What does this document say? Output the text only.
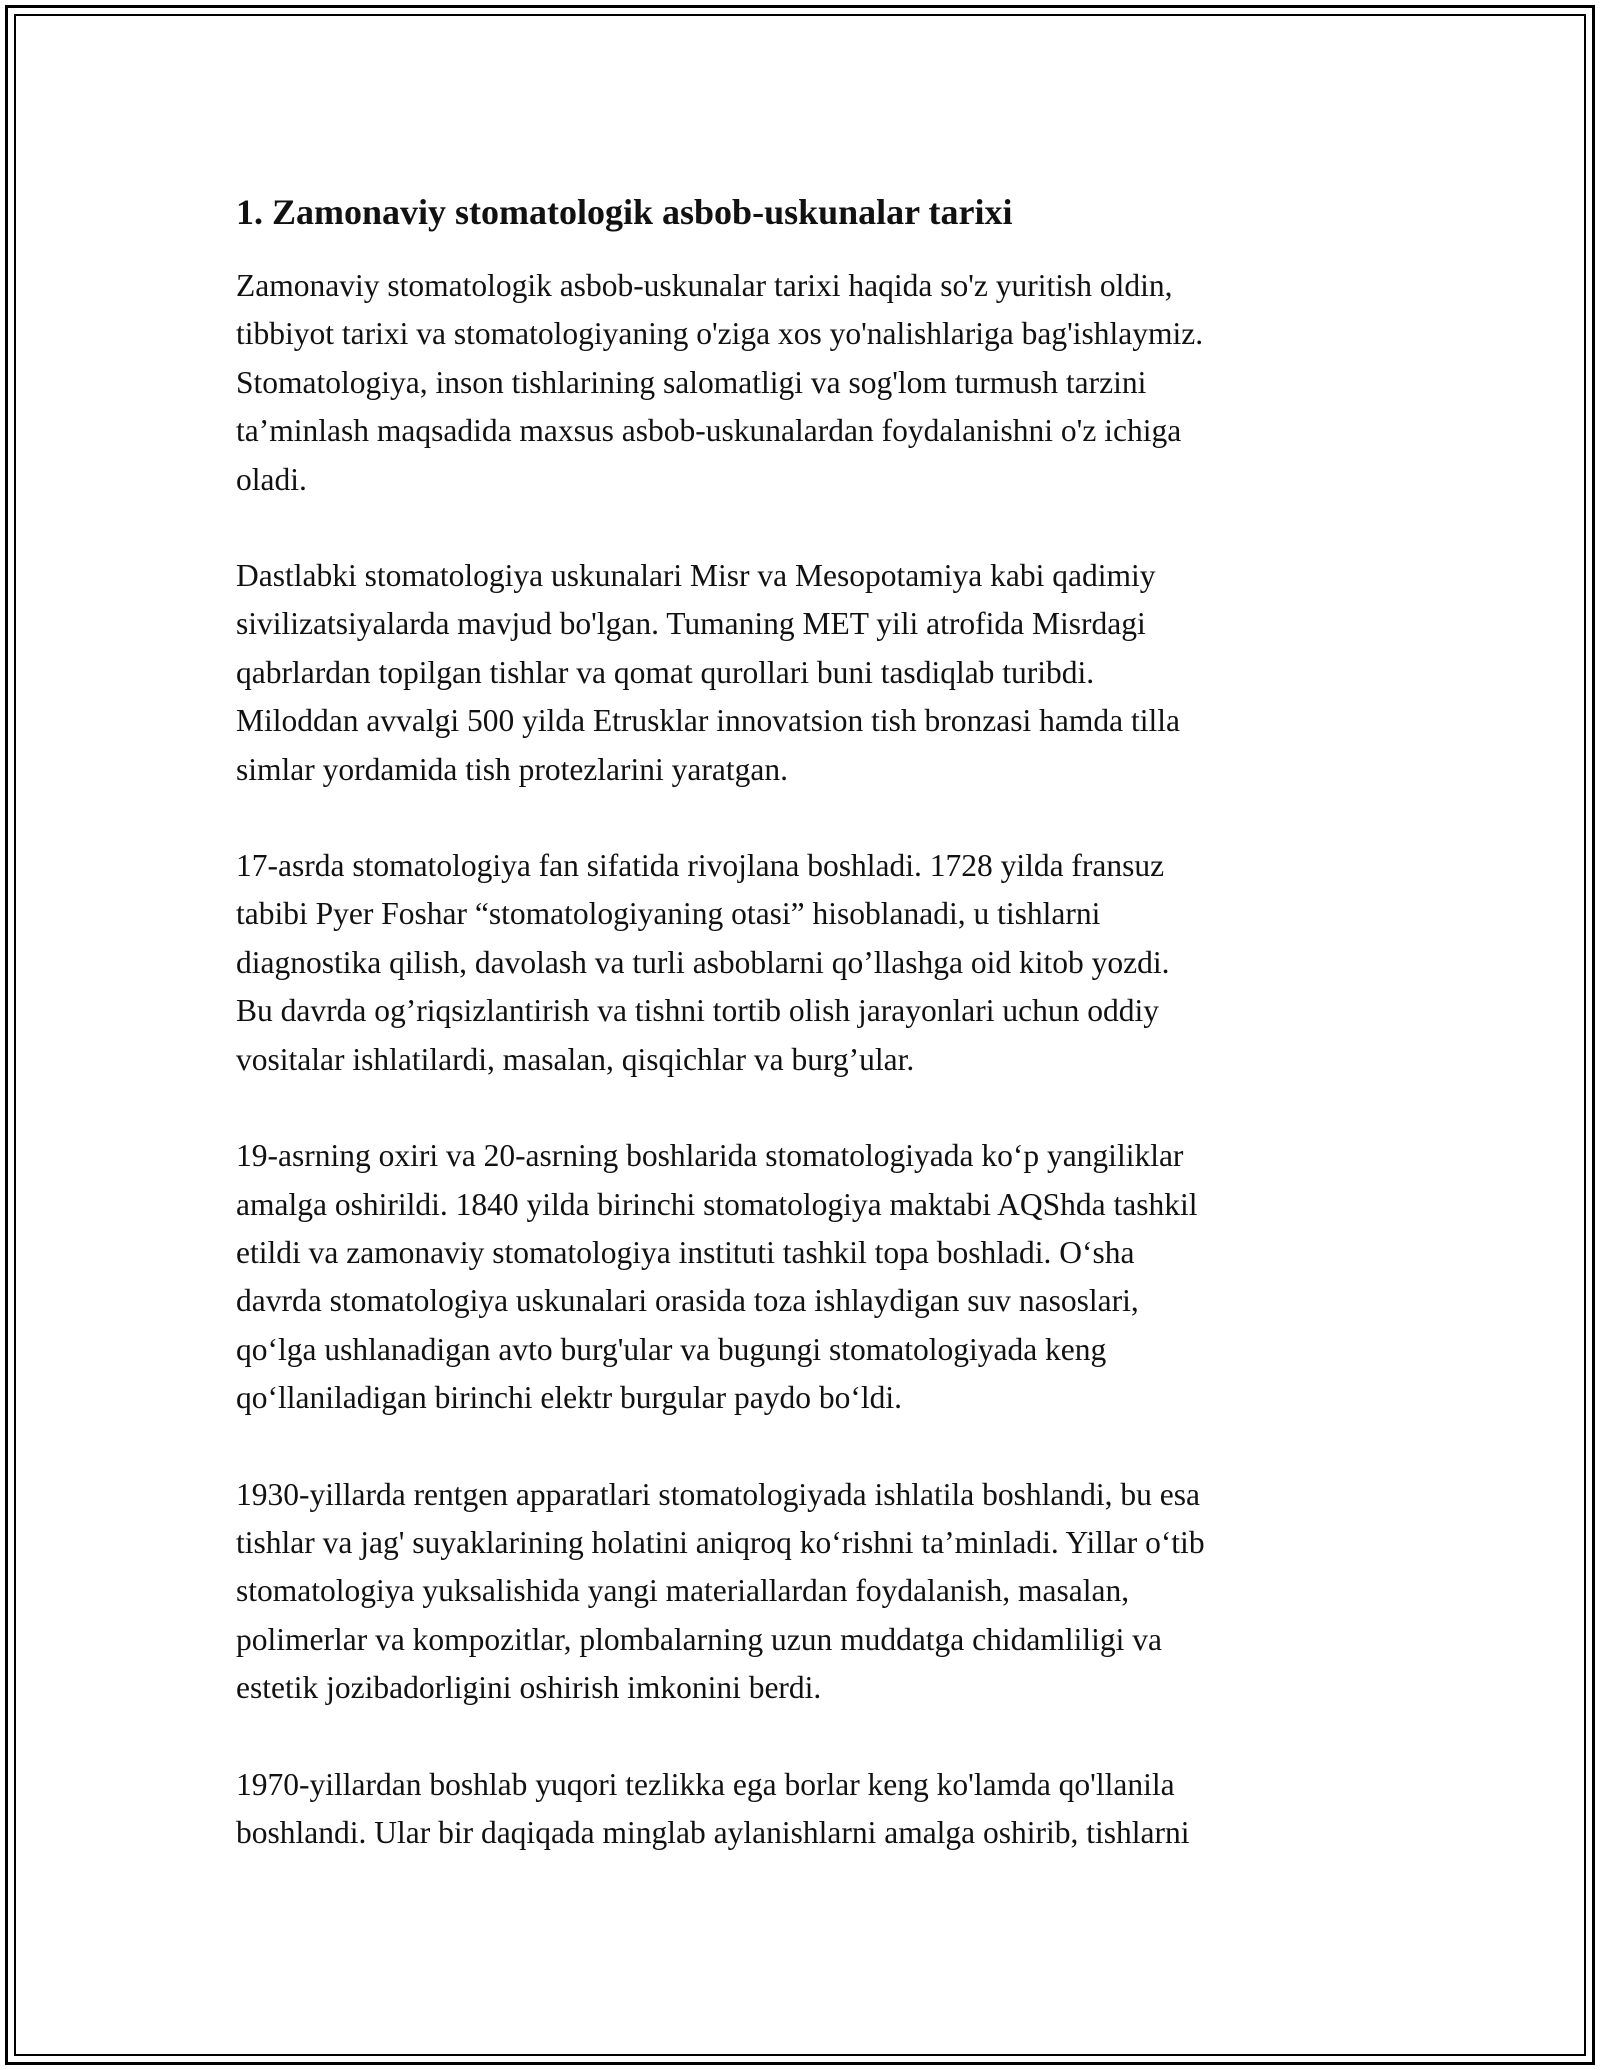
1. Zamonaviy stomatologik asbob-uskunalar tarixi

Zamonaviy stomatologik asbob-uskunalar tarixi haqida so'z yuritish oldin,
tibbiyot tarixi va stomatologiyaning o'ziga xos yo'nalishlariga bag'ishlaymiz.
Stomatologiya, inson tishlarining salomatligi va sog'lom turmush tarzini
ta’minlash maqsadida maxsus asbob-uskunalardan foydalanishni o'z ichiga
oladi.

Dastlabki stomatologiya uskunalari Misr va Mesopotamiya kabi qadimiy
sivilizatsiyalarda mavjud bo'lgan. Tumaning MET yili atrofida Misrdagi
qabrlardan topilgan tishlar va qomat qurollari buni tasdiqlab turibdi.
Miloddan avvalgi 500 yilda Etrusklar innovatsion tish bronzasi hamda tilla
simlar yordamida tish protezlarini yaratgan.

17-asrda stomatologiya fan sifatida rivojlana boshladi. 1728 yilda fransuz
tabibi Pyer Foshar “stomatologiyaning otasi” hisoblanadi, u tishlarni
diagnostika qilish, davolash va turli asboblarni qo’llashga oid kitob yozdi.
Bu davrda og’riqsizlantirish va tishni tortib olish jarayonlari uchun oddiy
vositalar ishlatilardi, masalan, qisqichlar va burg’ular.

19-asrning oxiri va 20-asrning boshlarida stomatologiyada ko‘p yangiliklar
amalga oshirildi. 1840 yilda birinchi stomatologiya maktabi AQShda tashkil
etildi va zamonaviy stomatologiya instituti tashkil topa boshladi. O‘sha
davrda stomatologiya uskunalari orasida toza ishlaydigan suv nasoslari,
qo‘lga ushlanadigan avto burg'ular va bugungi stomatologiyada keng
qo‘llaniladigan birinchi elektr burgular paydo bo‘ldi.

1930-yillarda rentgen apparatlari stomatologiyada ishlatila boshlandi, bu esa
tishlar va jag' suyaklarining holatini aniqroq ko‘rishni ta’minladi. Yillar o‘tib
stomatologiya yuksalishida yangi materiallardan foydalanish, masalan,
polimerlar va kompozitlar, plombalarning uzun muddatga chidamliligi va
estetik jozibadorligini oshirish imkonini berdi.

1970-yillardan boshlab yuqori tezlikka ega borlar keng ko'lamda qo'llanila
boshlandi. Ular bir daqiqada minglab aylanishlarni amalga oshirib, tishlarni
